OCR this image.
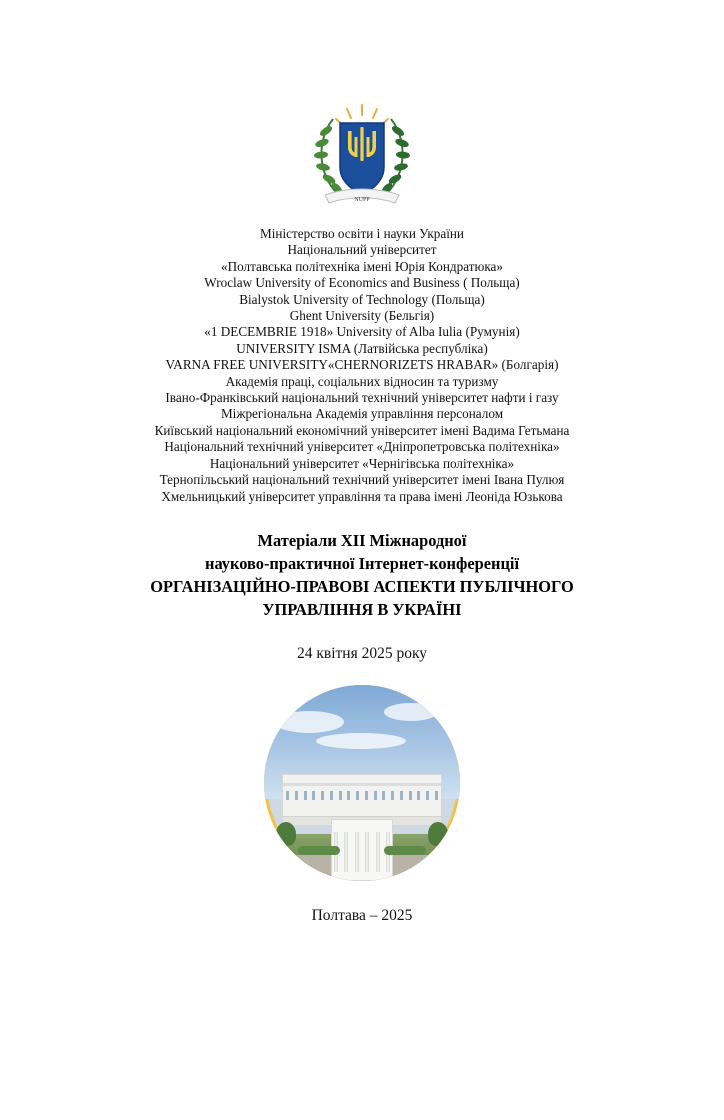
NUPP
Міністерство освіти і науки України
Національний університет
«Полтавська політехніка імені Юрія Кондратюка»
Wroclaw University of Economics and Business ( Польща)
Bialystok University of Technology (Польща)
Ghent University (Бельгія)
«1 DECEMBRIE 1918» University of Alba Iulia (Румунія)
UNIVERSITY ISMA (Латвійська республіка)
VARNA FREE UNIVERSITY«CHERNORIZETS HRABAR» (Болгарія)
Академія праці, соціальних відносин та туризму
Івано-Франківський національний технічний університет нафти і газу
Міжрегіональна Академія управління персоналом
Київський національний економічний університет імені Вадима Гетьмана
Національний технічний університет «Дніпропетровська політехніка»
Національний університет «Чернігівська політехніка»
Тернопільський національний технічний університет імені Івана Пулюя
Хмельницький університет управління та права імені Леоніда Юзькова
Матеріали XII Міжнародної
науково-практичної Інтернет-конференції
ОРГАНІЗАЦІЙНО-ПРАВОВІ АСПЕКТИ ПУБЛІЧНОГО
УПРАВЛІННЯ В УКРАЇНІ
24 квітня 2025 року
Полтава – 2025
